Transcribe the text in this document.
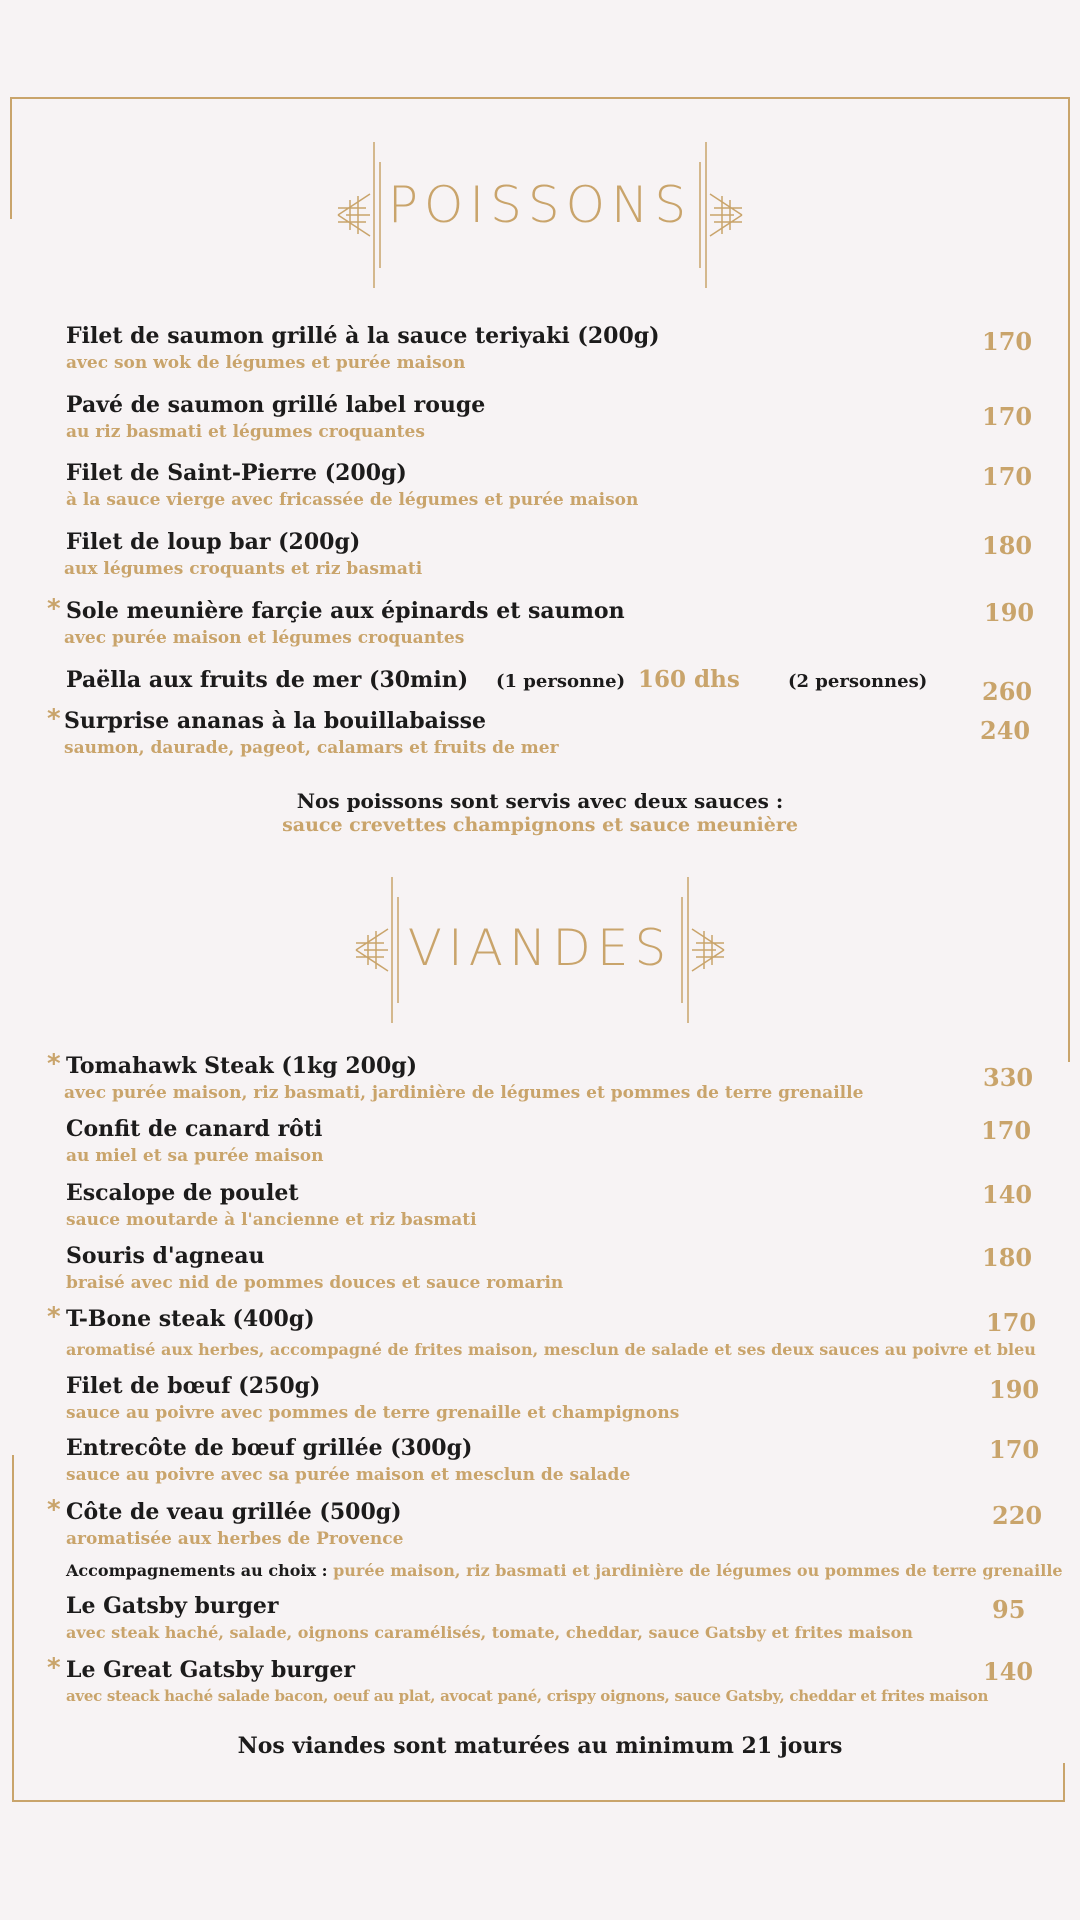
POISSONS
Filet de saumon grillé à la sauce teriyaki (200g)
avec son wok de légumes et purée maison
170
Pavé de saumon grillé label rouge
au riz basmati et légumes croquantes
170
Filet de Saint-Pierre (200g)
à la sauce vierge avec fricassée de légumes et purée maison
170
Filet de loup bar (200g)
aux légumes croquants et riz basmati
180
* Sole meunière farçie aux épinards et saumon
avec purée maison et légumes croquantes
190
Paëlla aux fruits de mer (30min) (1 personne) 160 dhs	(2 personnes) 260
* Surprise ananas à la bouillabaisse
saumon, daurade, pageot, calamars et fruits de mer
240
Nos poissons sont servis avec deux sauces :
sauce crevettes champignons et sauce meunière
VIANDES
* Tomahawk Steak (1kg 200g)
avec purée maison, riz basmati, jardinière de légumes et pommes de terre grenaille
330
Confit de canard rôti
au miel et sa purée maison
170
Escalope de poulet
sauce moutarde à l'ancienne et riz basmati
140
Souris d'agneau
braisé avec nid de pommes douces et sauce romarin
180
* T-Bone steak (400g)
aromatisé aux herbes, accompagné de frites maison, mesclun de salade et ses deux sauces au poivre et bleu
170
Filet de bœuf (250g)
sauce au poivre avec pommes de terre grenaille et champignons
190
Entrecôte de bœuf grillée (300g)
sauce au poivre avec sa purée maison et mesclun de salade
170
* Côte de veau grillée (500g)
aromatisée aux herbes de Provence
220
Accompagnements au choix : purée maison, riz basmati et jardinière de légumes ou pommes de terre grenaille
Le Gatsby burger
avec steak haché, salade, oignons caramélisés, tomate, cheddar, sauce Gatsby et frites maison
95
* Le Great Gatsby burger
avec steack haché salade bacon, oeuf au plat, avocat pané, crispy oignons, sauce Gatsby, cheddar et frites maison
140
Nos viandes sont maturées au minimum 21 jours
